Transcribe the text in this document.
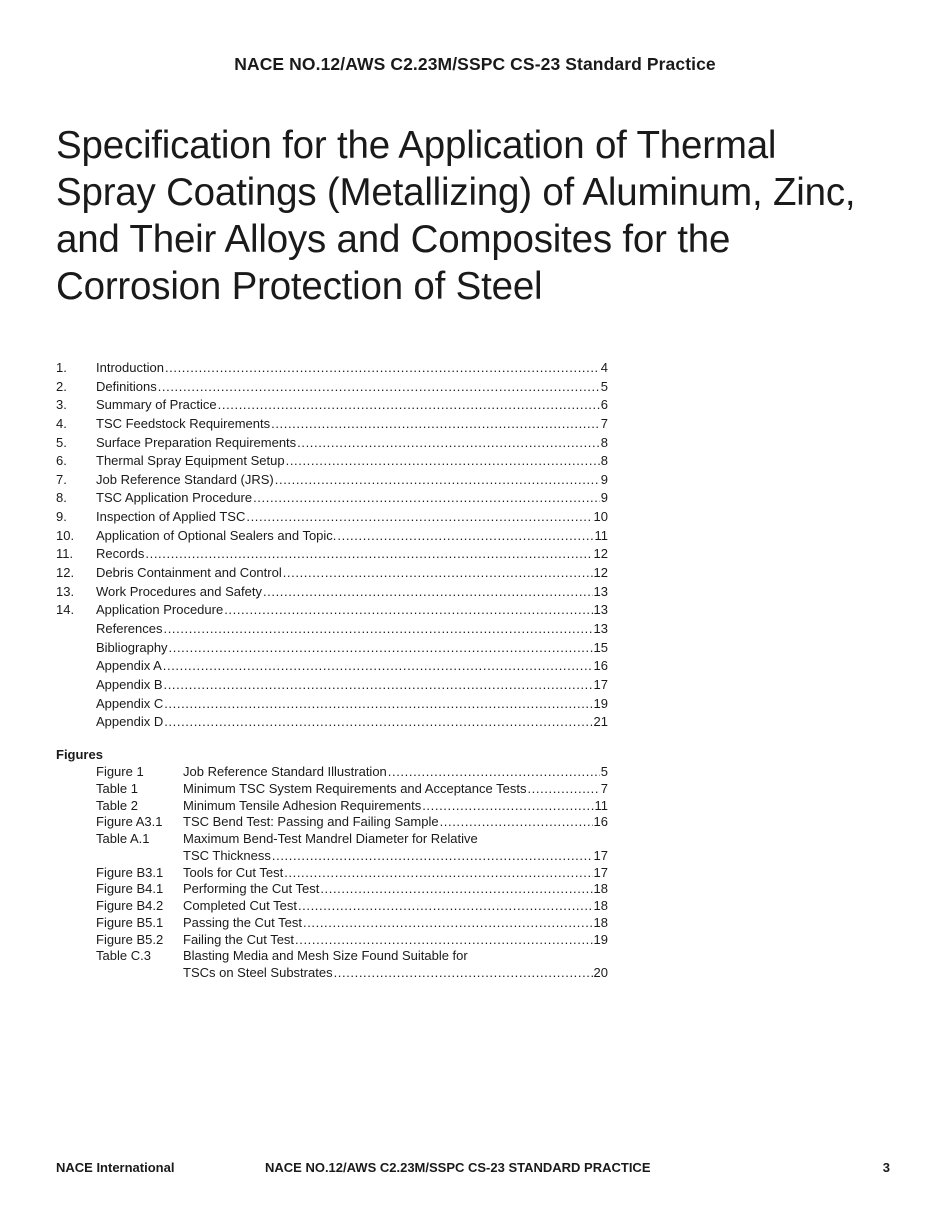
NACE NO.12/AWS C2.23M/SSPC CS-23 Standard Practice
Specification for the Application of Thermal
Spray Coatings (Metallizing) of Aluminum, Zinc,
and Their Alloys and Composites for the
Corrosion Protection of Steel
1.	Introduction .....	4
2.	Definitions .....	5
3.	Summary of Practice .....	6
4.	TSC Feedstock Requirements .....	7
5.	Surface Preparation Requirements .....	8
6.	Thermal Spray Equipment Setup .....	8
7.	Job Reference Standard (JRS) .....	9
8.	TSC Application Procedure .....	9
9.	Inspection of Applied TSC .....	10
10.	Application of Optional Sealers and Topic. .....	11
11.	Records .....	12
12.	Debris Containment and Control .....	12
13.	Work Procedures and Safety .....	13
14.	Application Procedure .....	13
References .....	13
Bibliography .....	15
Appendix A .....	16
Appendix B .....	17
Appendix C .....	19
Appendix D .....	21
Figures
Figure 1	Job Reference Standard Illustration .....	5
Table 1	Minimum TSC System Requirements and Acceptance Tests .....	7
Table 2	Minimum Tensile Adhesion Requirements .....	11
Figure A3.1	TSC Bend Test: Passing and Failing Sample .....	16
Table A.1	Maximum Bend-Test Mandrel Diameter for Relative
TSC Thickness .....	17
Figure B3.1	Tools for Cut Test .....	17
Figure B4.1	Performing the Cut Test .....	18
Figure B4.2	Completed Cut Test .....	18
Figure B5.1	Passing the Cut Test .....	18
Figure B5.2	Failing the Cut Test .....	19
Table C.3	Blasting Media and Mesh Size Found Suitable for
TSCs on Steel Substrates .....	20
NACE International	NACE NO.12/AWS C2.23M/SSPC CS-23 STANDARD PRACTICE	3
